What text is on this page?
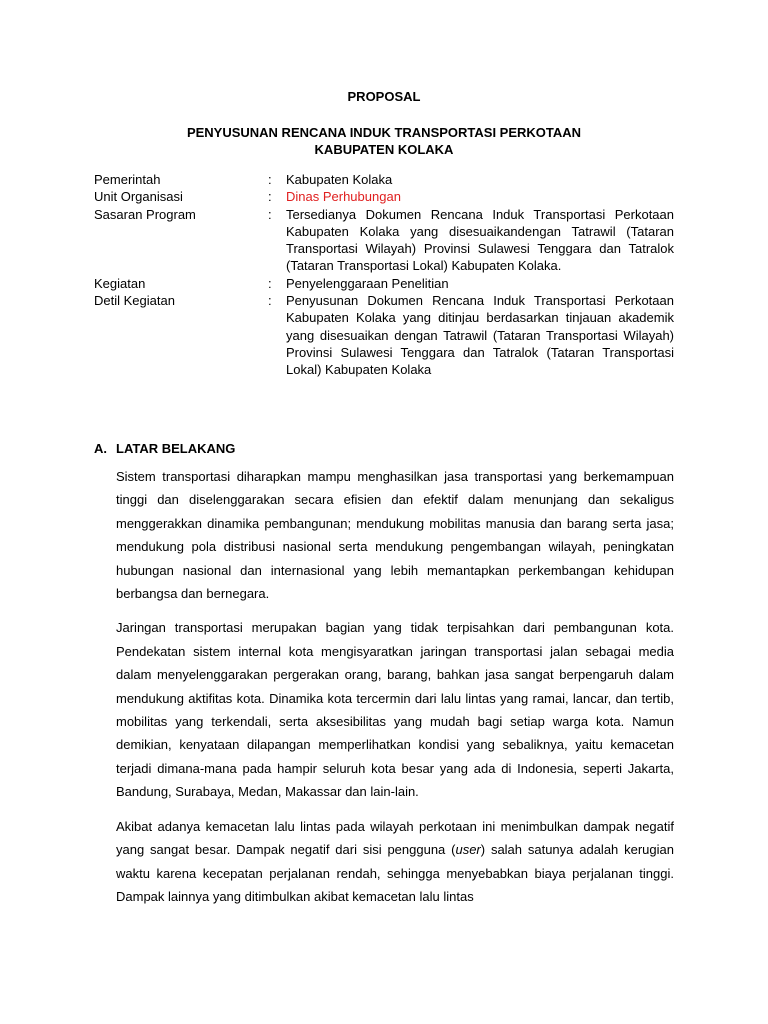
PROPOSAL
PENYUSUNAN RENCANA INDUK TRANSPORTASI PERKOTAAN
KABUPATEN KOLAKA
Pemerintah	:	Kabupaten Kolaka
Unit Organisasi	:	Dinas Perhubungan
Sasaran Program	:	Tersedianya Dokumen Rencana Induk Transportasi Perkotaan Kabupaten Kolaka yang disesuaikandengan Tatrawil (Tataran Transportasi Wilayah) Provinsi Sulawesi Tenggara dan Tatralok (Tataran Transportasi Lokal) Kabupaten Kolaka.
Kegiatan	:	Penyelenggaraan Penelitian
Detil Kegiatan	:	Penyusunan Dokumen Rencana Induk Transportasi Perkotaan Kabupaten Kolaka yang ditinjau berdasarkan tinjauan akademik yang disesuaikan dengan Tatrawil (Tataran Transportasi Wilayah) Provinsi Sulawesi Tenggara dan Tatralok (Tataran Transportasi Lokal) Kabupaten Kolaka
A. LATAR BELAKANG

Sistem transportasi diharapkan mampu menghasilkan jasa transportasi yang berkemampuan tinggi dan diselenggarakan secara efisien dan efektif dalam menunjang dan sekaligus menggerakkan dinamika pembangunan; mendukung mobilitas manusia dan barang serta jasa; mendukung pola distribusi nasional serta mendukung pengembangan wilayah, peningkatan hubungan nasional dan internasional yang lebih memantapkan perkembangan kehidupan berbangsa dan bernegara.

Jaringan transportasi merupakan bagian yang tidak terpisahkan dari pembangunan kota. Pendekatan sistem internal kota mengisyaratkan jaringan transportasi jalan sebagai media dalam menyelenggarakan pergerakan orang, barang, bahkan jasa sangat berpengaruh dalam mendukung aktifitas kota. Dinamika kota tercermin dari lalu lintas yang ramai, lancar, dan tertib, mobilitas yang terkendali, serta aksesibilitas yang mudah bagi setiap warga kota. Namun demikian, kenyataan dilapangan memperlihatkan kondisi yang sebaliknya, yaitu kemacetan terjadi dimana-mana pada hampir seluruh kota besar yang ada di Indonesia, seperti Jakarta, Bandung, Surabaya, Medan, Makassar dan lain-lain.

Akibat adanya kemacetan lalu lintas pada wilayah perkotaan ini menimbulkan dampak negatif yang sangat besar. Dampak negatif dari sisi pengguna (user) salah satunya adalah kerugian waktu karena kecepatan perjalanan rendah, sehingga menyebabkan biaya perjalanan tinggi. Dampak lainnya yang ditimbulkan akibat kemacetan lalu lintas
